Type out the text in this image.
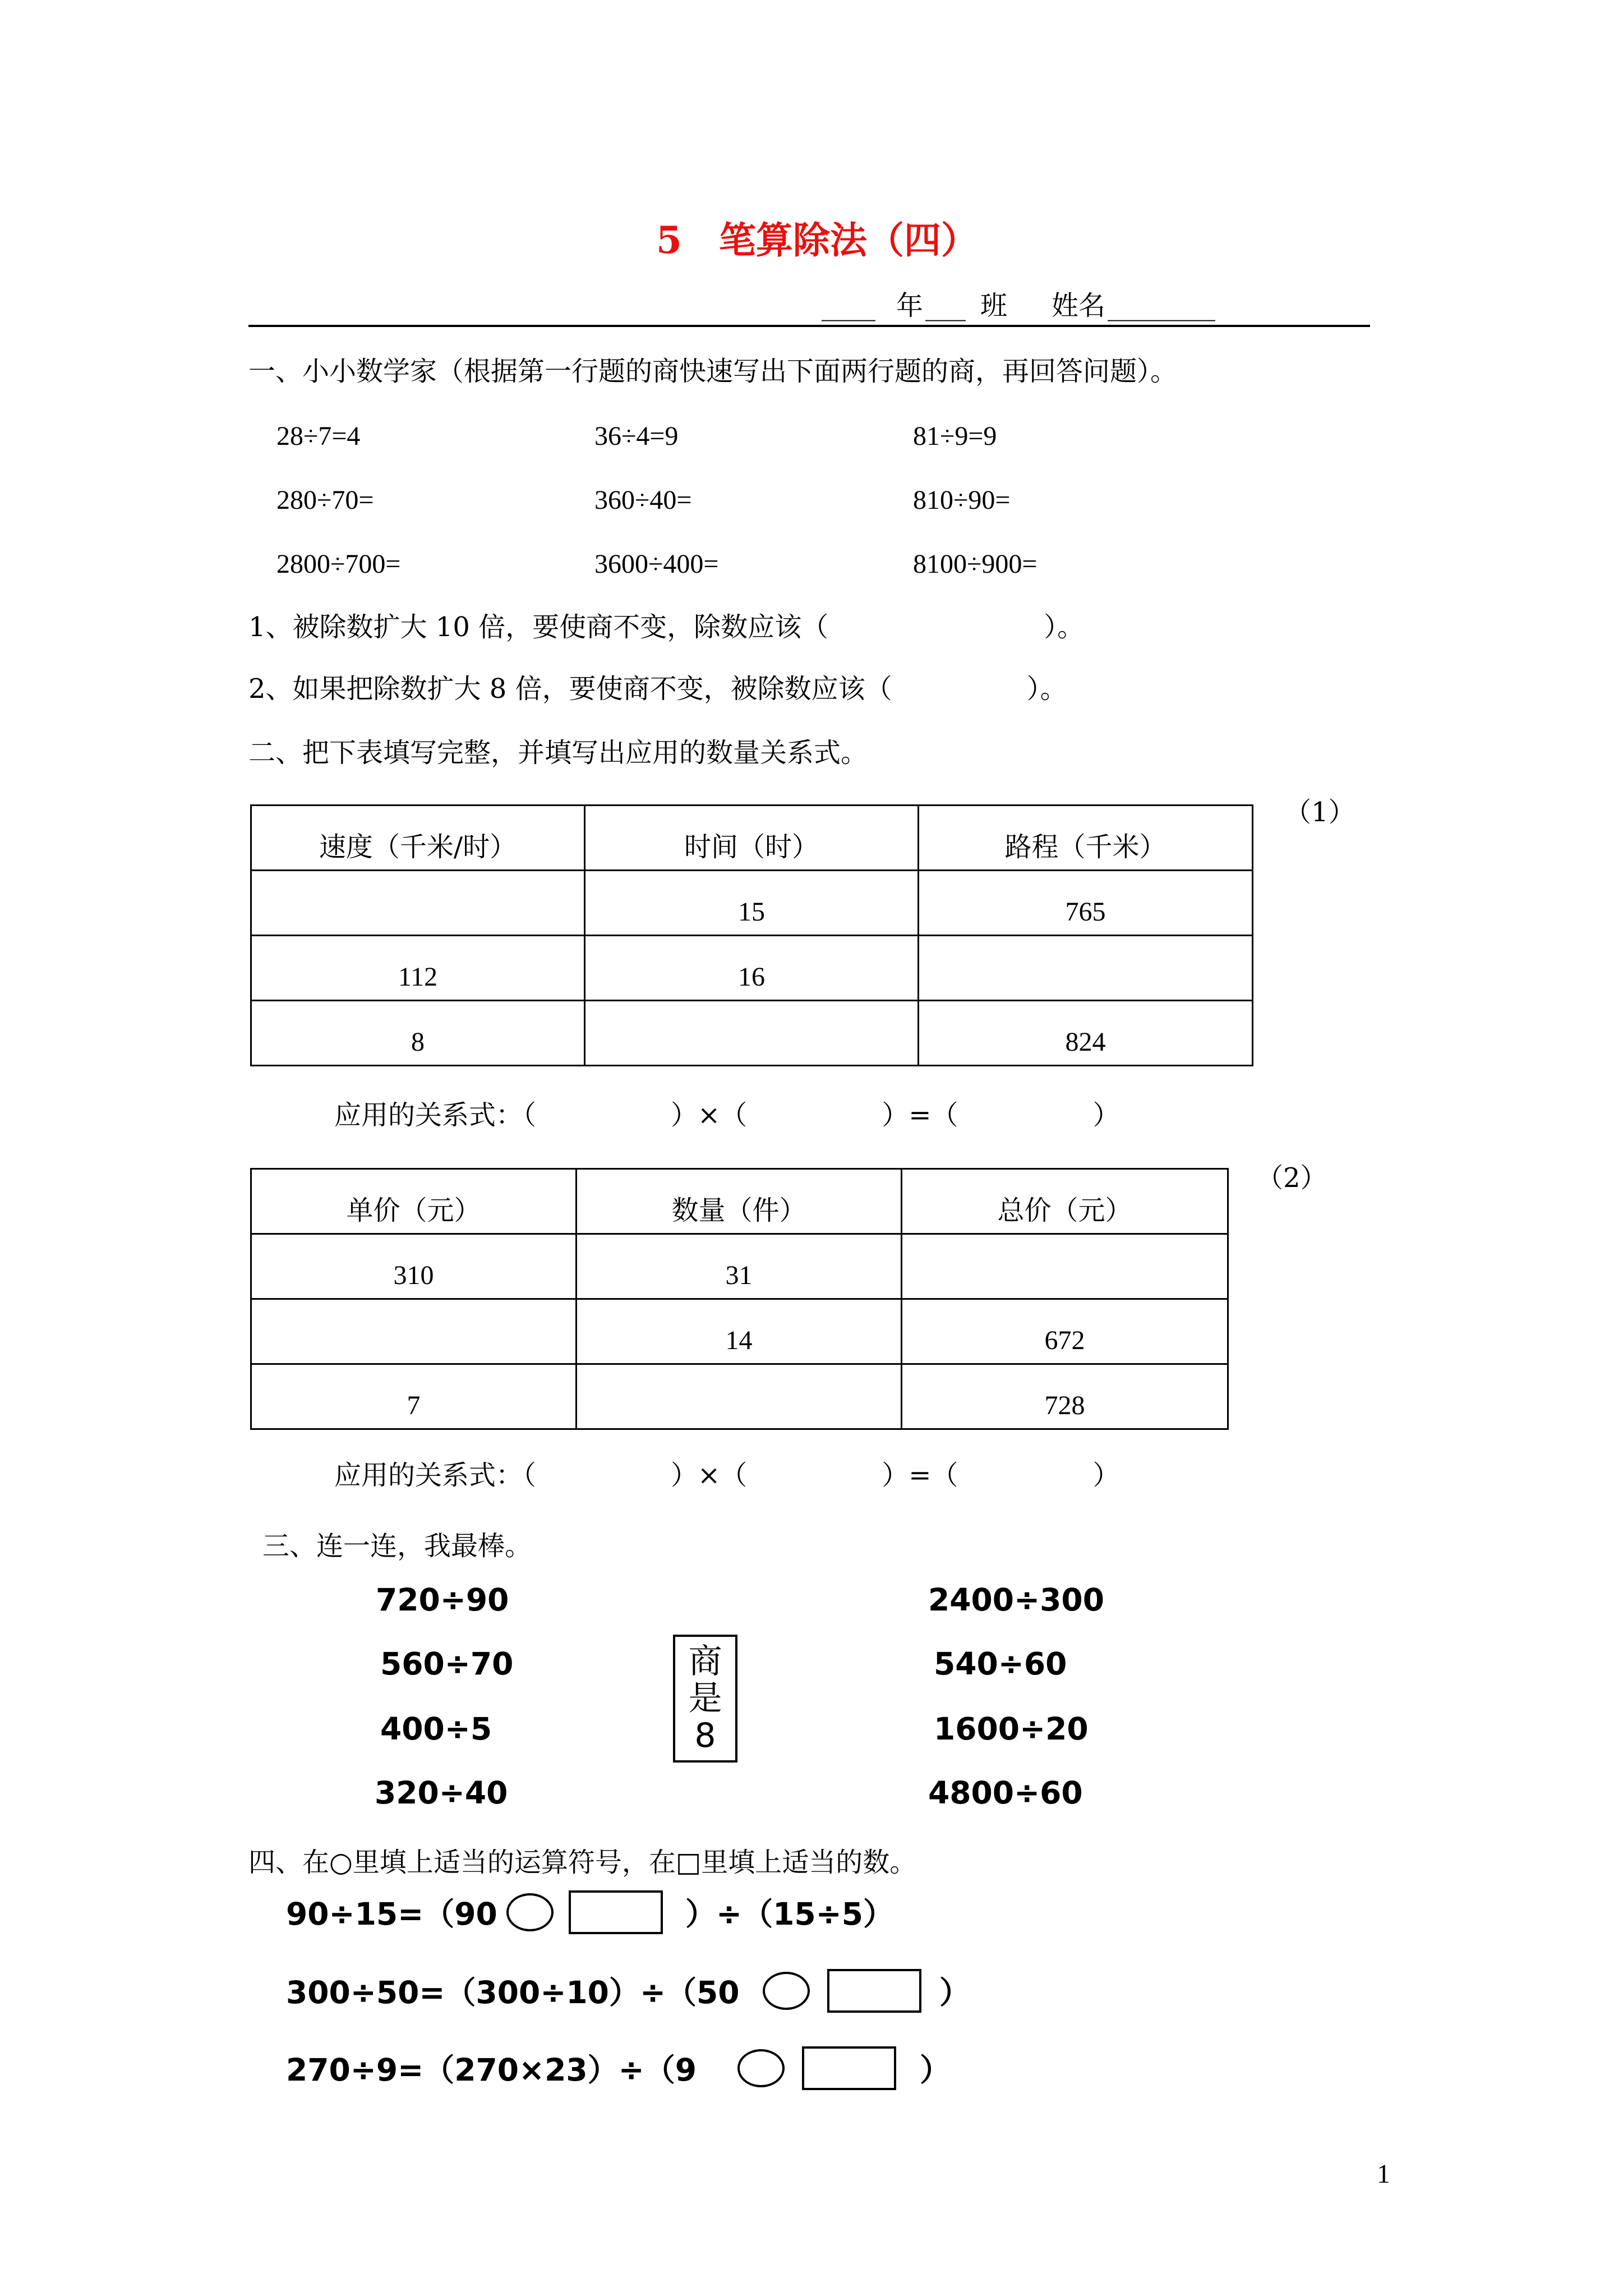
5　笔算除法（四）
____ 年 ___ 班 姓名 ________
一、小小数学家（根据第一行题的商快速写出下面两行题的商，再回答问题）。
28÷7=4	36÷4=9	81÷9=9
280÷70=	360÷40=	810÷90=
2800÷700=	3600÷400=	8100÷900=
1、被除数扩大 10 倍，要使商不变，除数应该（　　　　　　　　）。
2、如果把除数扩大 8 倍，要使商不变，被除数应该（　　　　　）。
二、把下表填写完整，并填写出应用的数量关系式。
（1）
速度（千米/时）	时间（时）	路程（千米）
	15	765
112	16	
8		824
应用的关系式：（　　　　　）×（　　　　　）=（　　　　　）
（2）
单价（元）	数量（件）	总价（元）
310	31	
	14	672
7		728
应用的关系式：（　　　　　）×（　　　　　）=（　　　　　）
三、连一连，我最棒。
720÷90
560÷70
400÷5
320÷40
商
是
8
2400÷300
540÷60
1600÷20
4800÷60
四、在○里填上适当的运算符号，在□里填上适当的数。
90÷15=（90	）÷（15÷5）
300÷50=（300÷10）÷（50	）
270÷9=（270×23）÷（9	）
1
